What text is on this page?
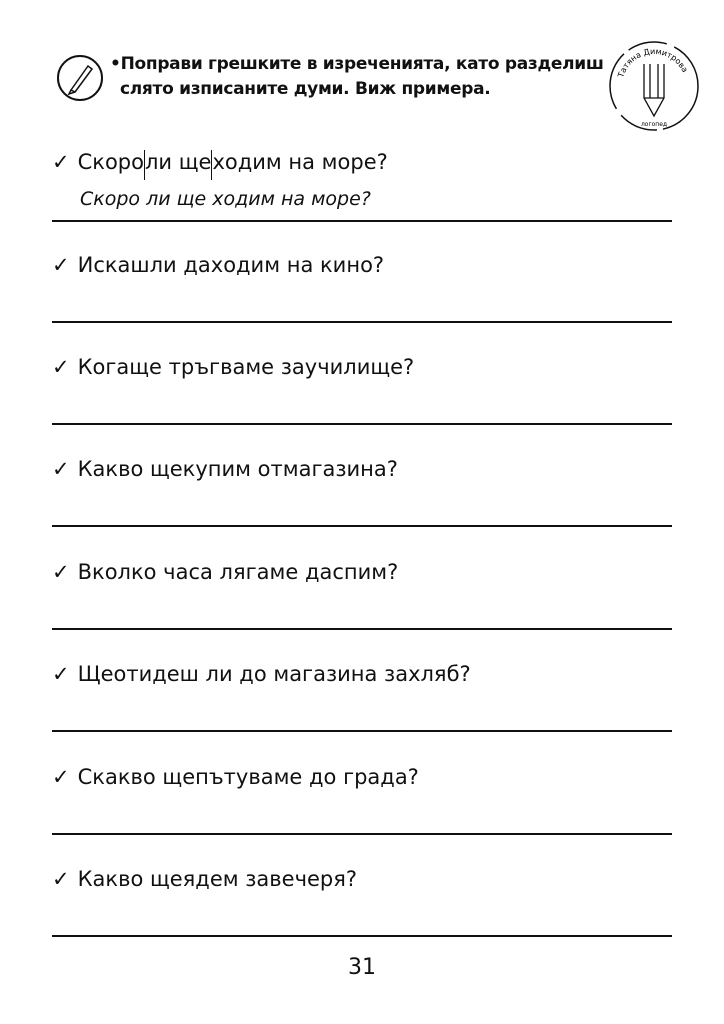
•Поправи грешките в изреченията, като разделиш
слято изписаните думи. Виж примера.
Татяна Димитрова
логопед
✓ Скороли щеходим на море?
Скоро ли ще ходим на море?
✓ Искашли даходим на кино?
✓ Когаще тръгваме заучилище?
✓ Какво щекупим отмагазина?
✓ Вколко часа лягаме даспим?
✓ Щеотидеш ли до магазина захляб?
✓ Скакво щепътуваме до града?
✓ Какво щеядем завечеря?
31
